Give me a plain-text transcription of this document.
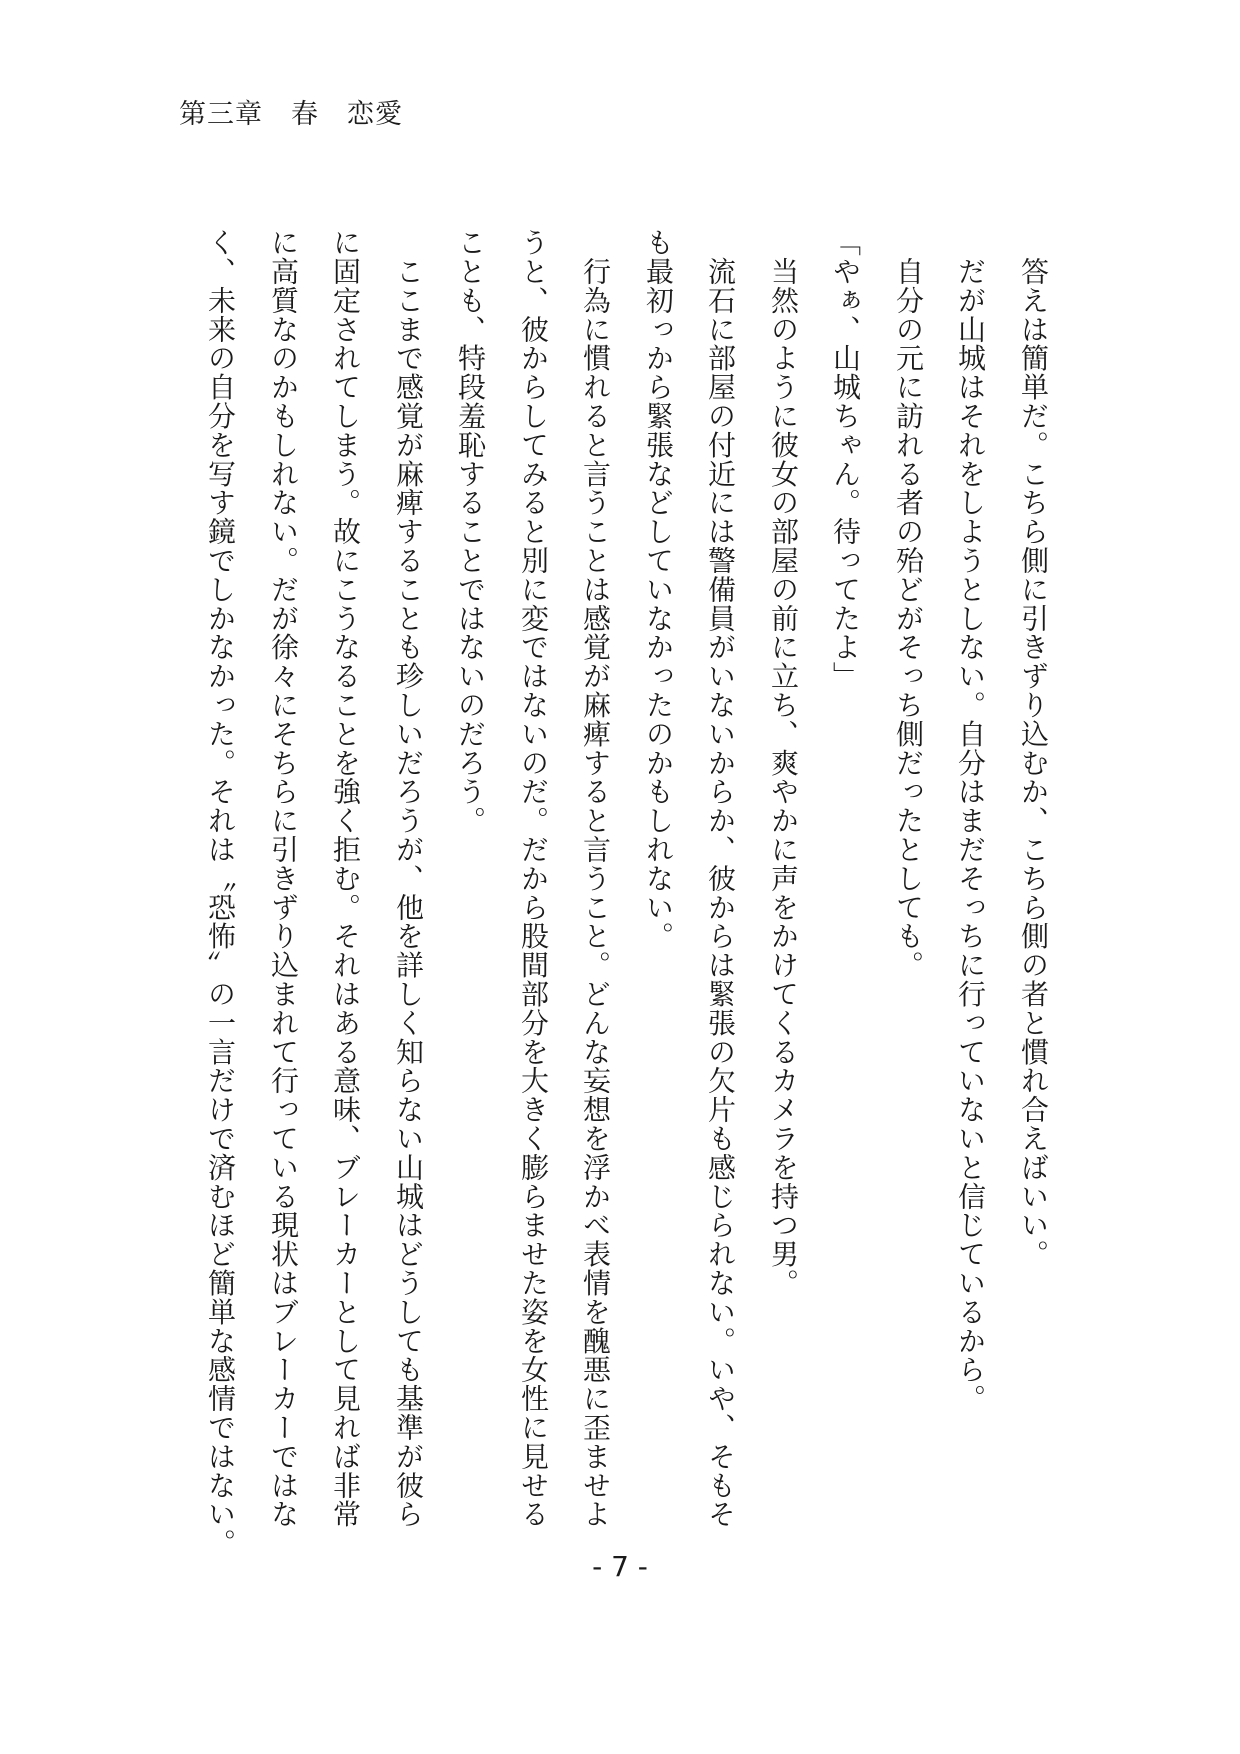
第三章　春　恋愛
　答えは簡単だ。こちら側に引きずり込むか、こちら側の者と慣れ合えばいい。
　だが山城はそれをしようとしない。自分はまだそっちに行っていないと信じているから。
　自分の元に訪れる者の殆どがそっち側だったとしても。
「やぁ、山城ちゃん。待ってたよ」
　当然のように彼女の部屋の前に立ち、爽やかに声をかけてくるカメラを持つ男。
　流石に部屋の付近には警備員がいないからか、彼からは緊張の欠片も感じられない。いや、そもそ
も最初っから緊張などしていなかったのかもしれない。
　行為に慣れると言うことは感覚が麻痺すると言うこと。どんな妄想を浮かべ表情を醜悪に歪ませよ
うと、彼からしてみると別に変ではないのだ。だから股間部分を大きく膨らませた姿を女性に見せる
ことも、特段羞恥することではないのだろう。
　ここまで感覚が麻痺することも珍しいだろうが、他を詳しく知らない山城はどうしても基準が彼ら
に固定されてしまう。故にこうなることを強く拒む。それはある意味、ブレーカーとして見れば非常
に高質なのかもしれない。だが徐々にそちらに引きずり込まれて行っている現状はブレーカーではな
く、未来の自分を写す鏡でしかなかった。それは〝恐怖〟の一言だけで済むほど簡単な感情ではない。
- 7 -
